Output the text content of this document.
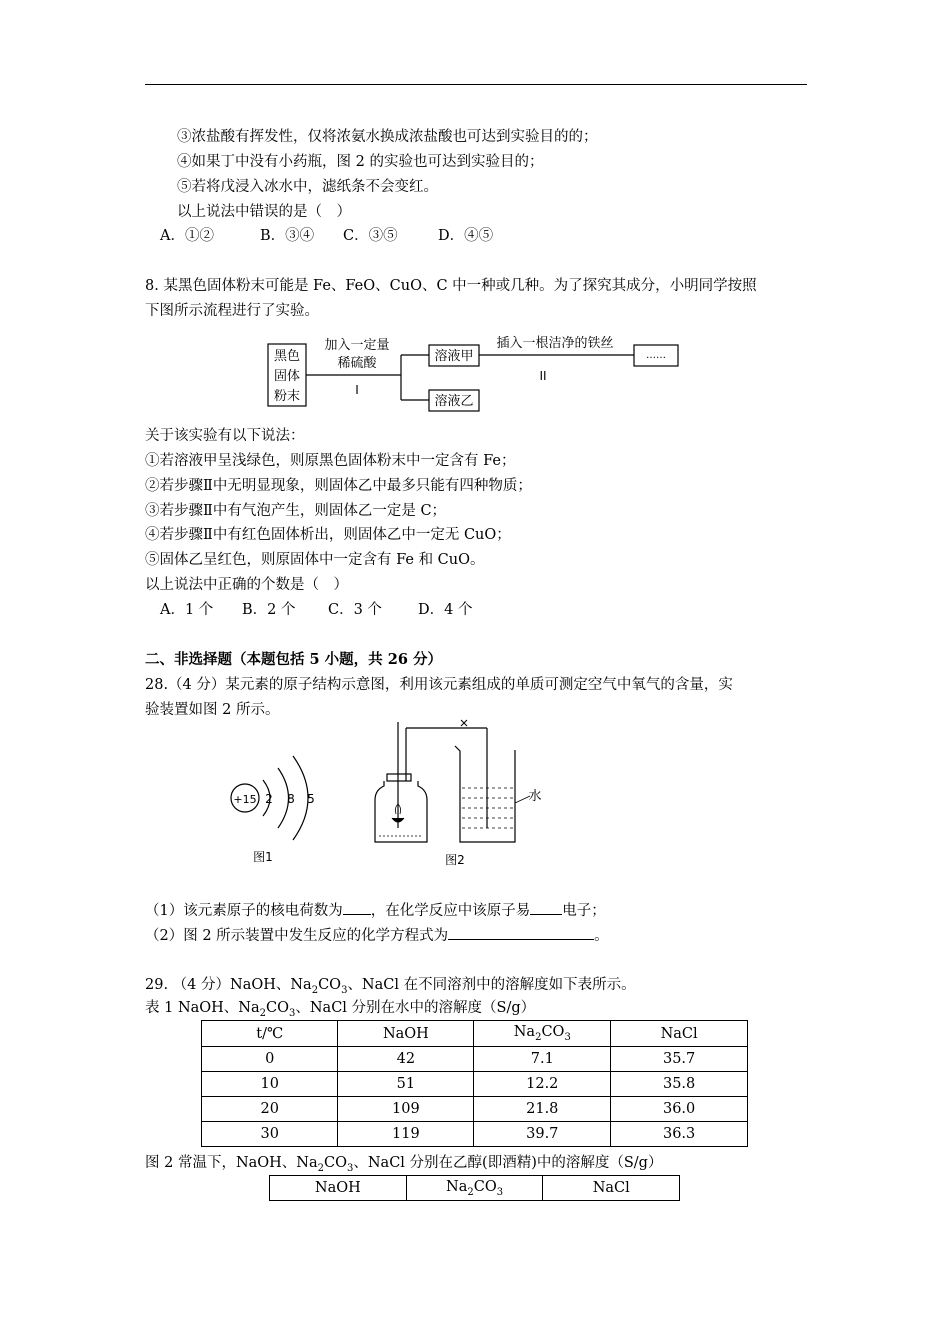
③浓盐酸有挥发性，仅将浓氨水换成浓盐酸也可达到实验目的的；
④如果丁中没有小药瓶，图 2 的实验也可达到实验目的；
⑤若将戊浸入冰水中，滤纸条不会变红。
以上说法中错误的是（　）
A．①②	B．③④ C．③⑤	D．④⑤
8. 某黑色固体粉末可能是 Fe、FeO、CuO、C 中一种或几种。为了探究其成分，小明同学按照
下图所示流程进行了实验。
黑色
固体
粉末
加入一定量
稀硫酸
I
溶液甲
溶液乙
插入一根洁净的铁丝
II
……
关于该实验有以下说法：
①若溶液甲呈浅绿色，则原黑色固体粉末中一定含有 Fe；
②若步骤Ⅱ中无明显现象，则固体乙中最多只能有四种物质；
③若步骤Ⅱ中有气泡产生，则固体乙一定是 C；
④若步骤Ⅱ中有红色固体析出，则固体乙中一定无 CuO；
⑤固体乙呈红色，则原固体中一定含有 Fe 和 CuO。
以上说法中正确的个数是（　）
A．1 个 B．2 个 C．3 个 D．4 个
二、非选择题（本题包括 5 小题，共 26 分）
28.（4 分）某元素的原子结构示意图，利用该元素组成的单质可测定空气中氧气的含量，实
验装置如图 2 所示。
+15 2 8 5
图1
水
图2
（1）该元素原子的核电荷数为 ，在化学反应中该原子易 电子；
（2）图 2 所示装置中发生反应的化学方程式为	。
29. （4 分）NaOH、$Na_2CO_3$、NaCl 在不同溶剂中的溶解度如下表所示。
表 1 NaOH、$Na_2CO_3$、NaCl 分别在水中的溶解度（S/g）
t/℃	NaOH	$Na_2CO_3$	NaCl
0	42	7.1	35.7
10	51	12.2	35.8
20	109	21.8	36.0
30	119	39.7	36.3
图 2 常温下，NaOH、$Na_2CO_3$、NaCl 分别在乙醇(即酒精)中的溶解度（S/g）
NaOH	$Na_2CO_3$	NaCl
